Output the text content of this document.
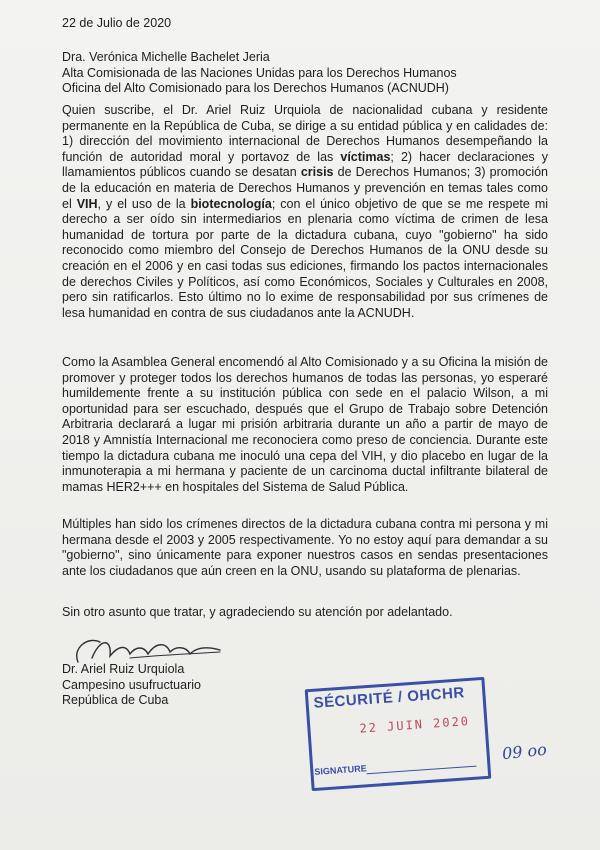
22 de Julio de 2020
Dra. Verónica Michelle Bachelet Jeria
Alta Comisionada de las Naciones Unidas para los Derechos Humanos
Oficina del Alto Comisionado para los Derechos Humanos (ACNUDH)

Quien suscribe, el Dr. Ariel Ruiz Urquiola de nacionalidad cubana y residente permanente en la República de Cuba, se dirige a su entidad pública y en calidades de: 1) dirección del movimiento internacional de Derechos Humanos desempeñando la función de autoridad moral y portavoz de las víctimas; 2) hacer declaraciones y llamamientos públicos cuando se desatan crisis de Derechos Humanos; 3) promoción de la educación en materia de Derechos Humanos y prevención en temas tales como el VIH, y el uso de la biotecnología; con el único objetivo de que se me respete mi derecho a ser oído sin intermediarios en plenaria como víctima de crimen de lesa humanidad de tortura por parte de la dictadura cubana, cuyo "gobierno" ha sido reconocido como miembro del Consejo de Derechos Humanos de la ONU desde su creación en el 2006 y en casi todas sus ediciones, firmando los pactos internacionales de derechos Civiles y Políticos, así como Económicos, Sociales y Culturales en 2008, pero sin ratificarlos. Esto último no lo exime de responsabilidad por sus crímenes de lesa humanidad en contra de sus ciudadanos ante la ACNUDH.

Como la Asamblea General encomendó al Alto Comisionado y a su Oficina la misión de promover y proteger todos los derechos humanos de todas las personas, yo esperaré humildemente frente a su institución pública con sede en el palacio Wilson, a mi oportunidad para ser escuchado, después que el Grupo de Trabajo sobre Detención Arbitraria declarará a lugar mi prisión arbitraria durante un año a partir de mayo de 2018 y Amnistía Internacional me reconociera como preso de conciencia. Durante este tiempo la dictadura cubana me inoculó una cepa del VIH, y dio placebo en lugar de la inmunoterapia a mi hermana y paciente de un carcinoma ductal infiltrante bilateral de mamas HER2+++ en hospitales del Sistema de Salud Pública.

Múltiples han sido los crímenes directos de la dictadura cubana contra mi persona y mi hermana desde el 2003 y 2005 respectivamente. Yo no estoy aquí para demandar a su "gobierno", sino únicamente para exponer nuestros casos en sendas presentaciones ante los ciudadanos que aún creen en la ONU, usando su plataforma de plenarias.

Sin otro asunto que tratar, y agradeciendo su atención por adelantado.
Dr. Ariel Ruiz Urquiola
Campesino usufructuario
República de Cuba	SÉCURITÉ / OHCHR
22 JUIN 2020
SIGNATURE
09 oo
